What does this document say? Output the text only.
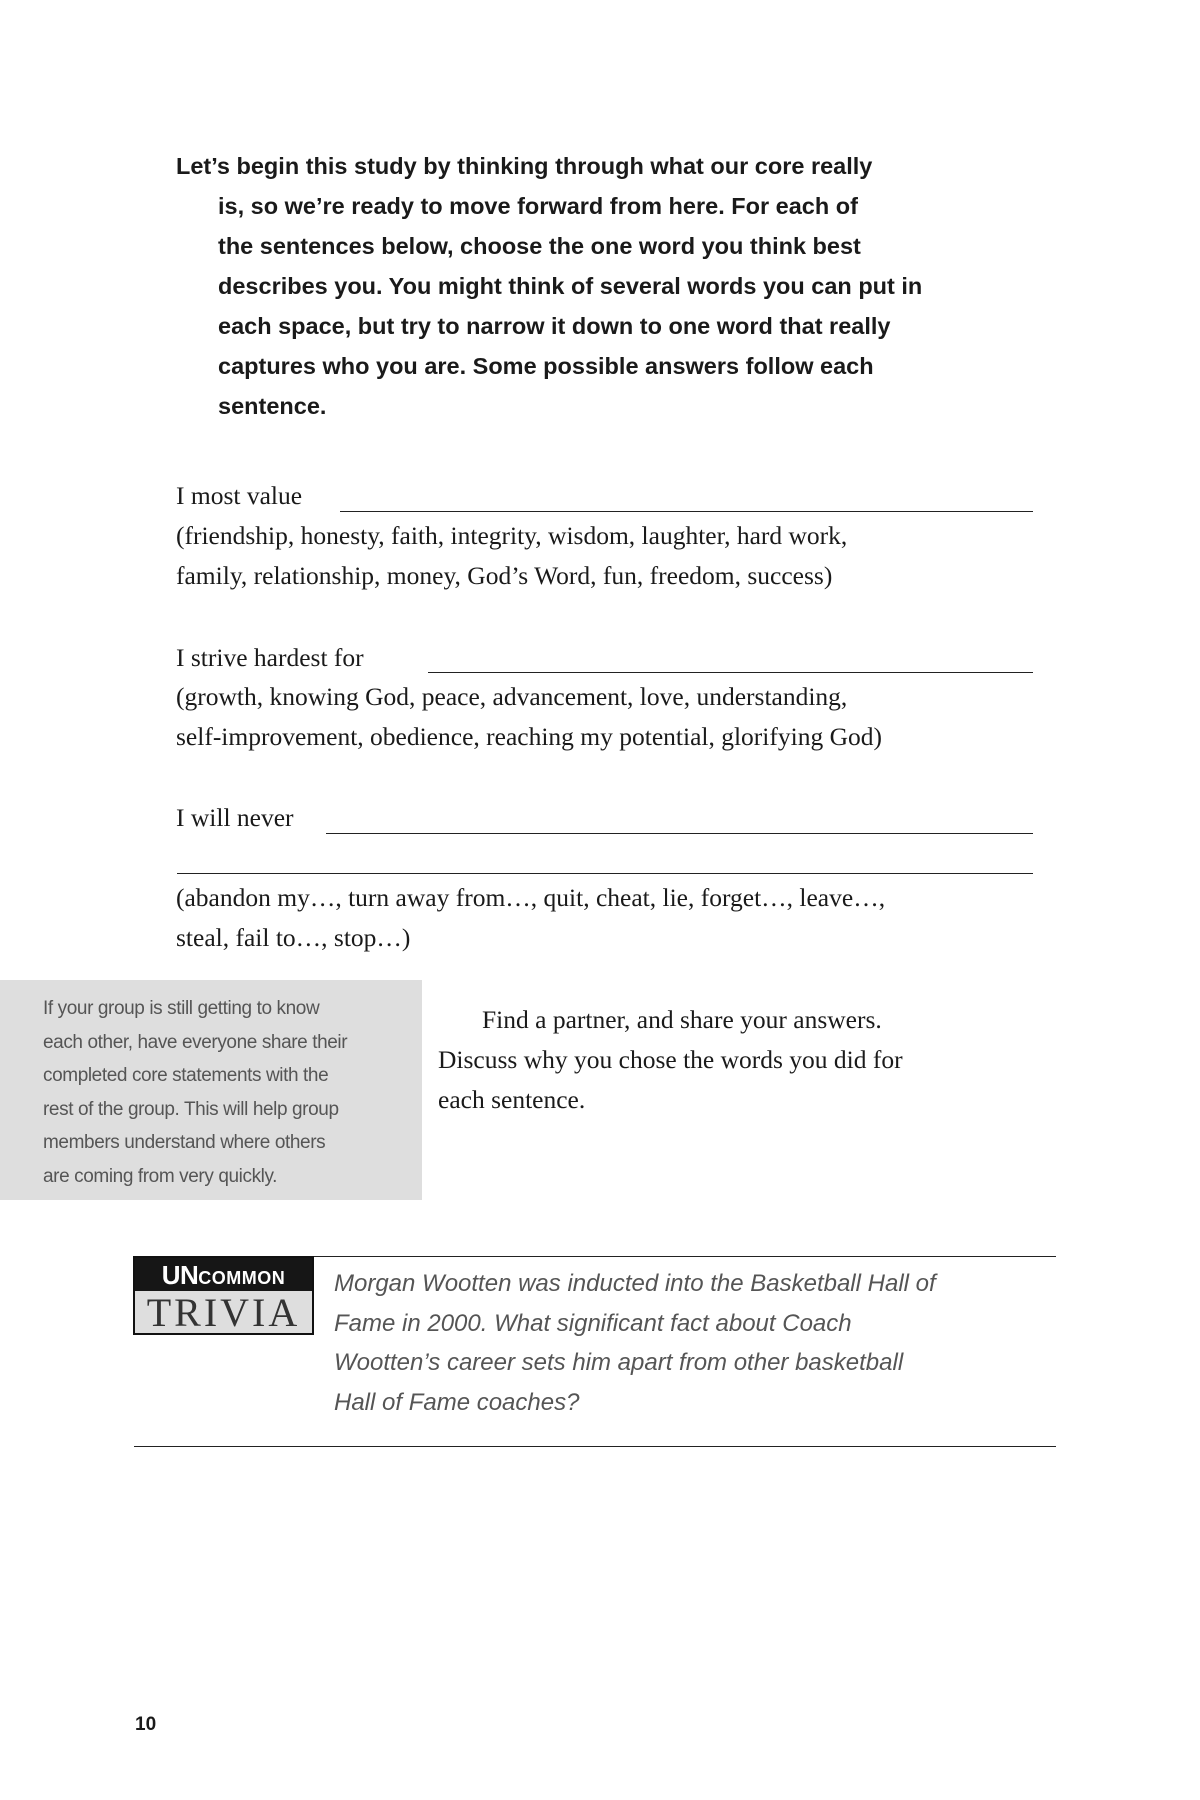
Let’s begin this study by thinking through what our core really
is, so we’re ready to move forward from here. For each of
the sentences below, choose the one word you think best
describes you. You might think of several words you can put in
each space, but try to narrow it down to one word that really
captures who you are. Some possible answers follow each
sentence.
I most value
(friendship, honesty, faith, integrity, wisdom, laughter, hard work,
family, relationship, money, God’s Word, fun, freedom, success)
I strive hardest for
(growth, knowing God, peace, advancement, love, understanding,
self-improvement, obedience, reaching my potential, glorifying God)
I will never
(abandon my…, turn away from…, quit, cheat, lie, forget…, leave…,
steal, fail to…, stop…)
If your group is still getting to know
each other, have everyone share their
completed core statements with the
rest of the group. This will help group
members understand where others
are coming from very quickly.
Find a partner, and share your answers.
Discuss why you chose the words you did for
each sentence.
UNCOMMON
TRIVIA
Morgan Wootten was inducted into the Basketball Hall of
Fame in 2000. What significant fact about Coach
Wootten’s career sets him apart from other basketball
Hall of Fame coaches?
10
